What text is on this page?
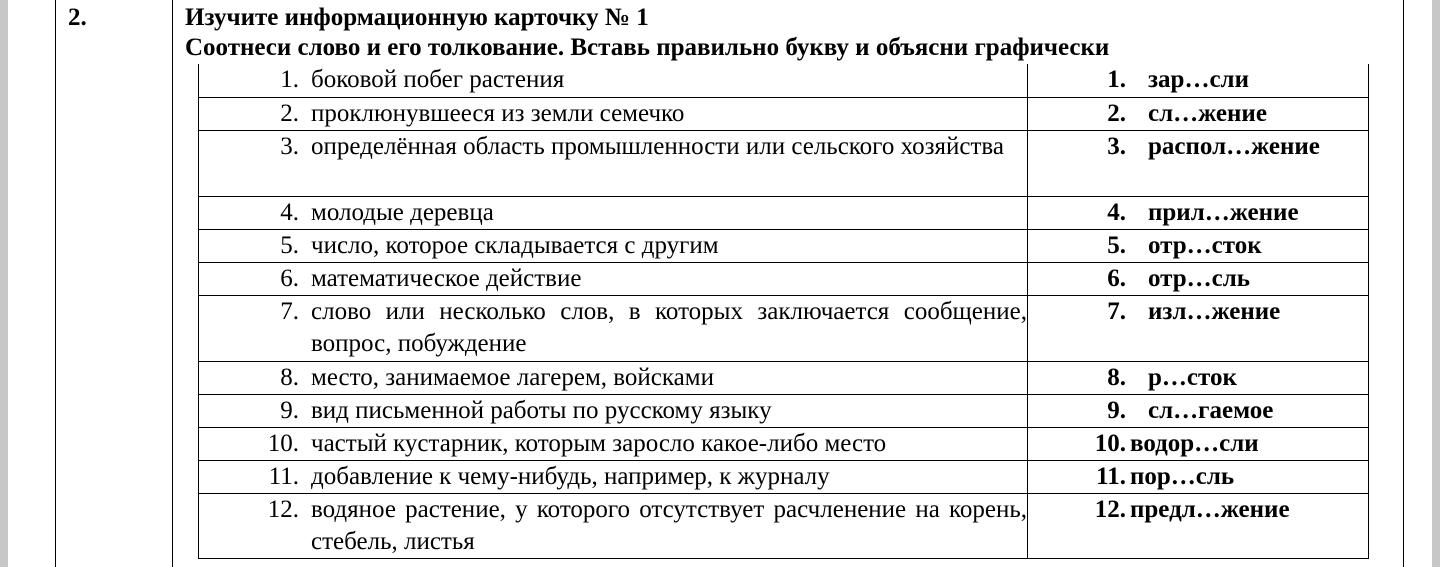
2.	Изучите информационную карточку № 1
Соотнеси слово и его толкование. Вставь правильно букву и объясни графически
1. боковой побег растения	1. зар…сли

2. проклюнувшееся из земли семечко	2. сл…жение

3. определённая область промышленности или сельского хозяйства	3. распол…жение

4. молодые деревца	4. прил…жение

5. число, которое складывается с другим	5. отр…сток

6. математическое действие	6. отр…сль

7. слово или несколько слов, в которых заключается сообщение, вопрос, побуждение	7. изл…жение

8. место, занимаемое лагерем, войсками	8. р…сток

9. вид письменной работы по русскому языку	9. сл…гаемое

10. частый кустарник, которым заросло какое-либо место	10. водор…сли

11. добавление к чему-нибудь, например, к журналу	11. пор…сль

12. водяное растение, у которого отсутствует расчленение на корень, стебель, листья	12. предл…жение
